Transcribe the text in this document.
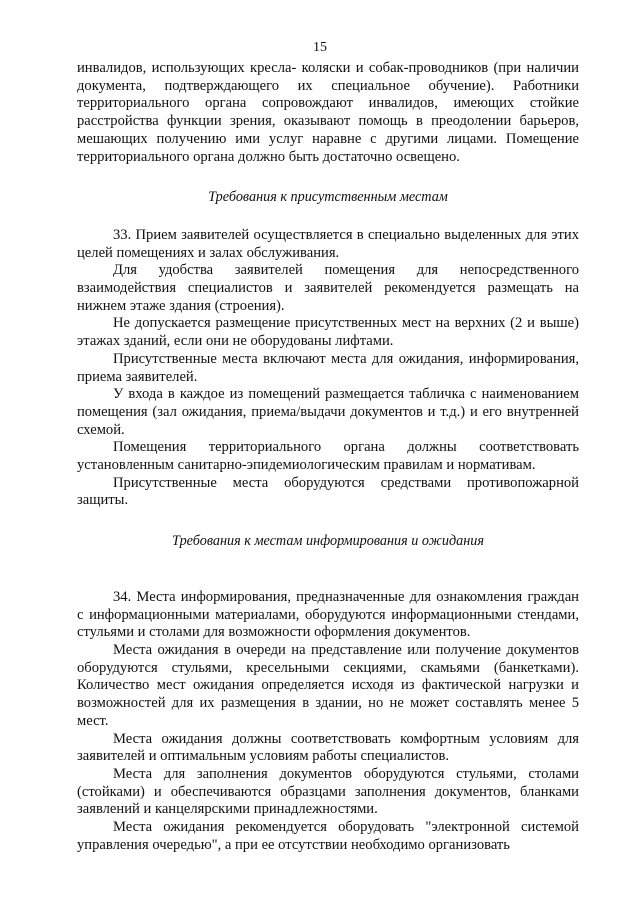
15

инвалидов, использующих кресла- коляски и собак-проводников (при наличии документа, подтверждающего их специальное обучение). Работники территориального органа сопровождают инвалидов, имеющих стойкие расстройства функции зрения, оказывают помощь в преодолении барьеров, мешающих получению ими услуг наравне с другими лицами. Помещение территориального органа должно быть достаточно освещено.

Требования к присутственным местам

33. Прием заявителей осуществляется в специально выделенных для этих целей помещениях и залах обслуживания.

Для удобства заявителей помещения для непосредственного взаимодействия специалистов и заявителей рекомендуется размещать на нижнем этаже здания (строения).

Не допускается размещение присутственных мест на верхних (2 и выше) этажах зданий, если они не оборудованы лифтами.

Присутственные места включают места для ожидания, информирования, приема заявителей.

У входа в каждое из помещений размещается табличка с наименованием помещения (зал ожидания, приема/выдачи документов и т.д.) и его внутренней схемой.

Помещения территориального органа должны соответствовать установленным санитарно-эпидемиологическим правилам и нормативам.

Присутственные места оборудуются средствами противопожарной защиты.

Требования к местам информирования и ожидания

34. Места информирования, предназначенные для ознакомления граждан с информационными материалами, оборудуются информационными стендами, стульями и столами для возможности оформления документов.

Места ожидания в очереди на представление или получение документов оборудуются стульями, кресельными секциями, скамьями (банкетками). Количество мест ожидания определяется исходя из фактической нагрузки и возможностей для их размещения в здании, но не может составлять менее 5 мест.

Места ожидания должны соответствовать комфортным условиям для заявителей и оптимальным условиям работы специалистов.

Места для заполнения документов оборудуются стульями, столами (стойками) и обеспечиваются образцами заполнения документов, бланками заявлений и канцелярскими принадлежностями.

Места ожидания рекомендуется оборудовать "электронной системой управления очередью", а при ее отсутствии необходимо организовать
